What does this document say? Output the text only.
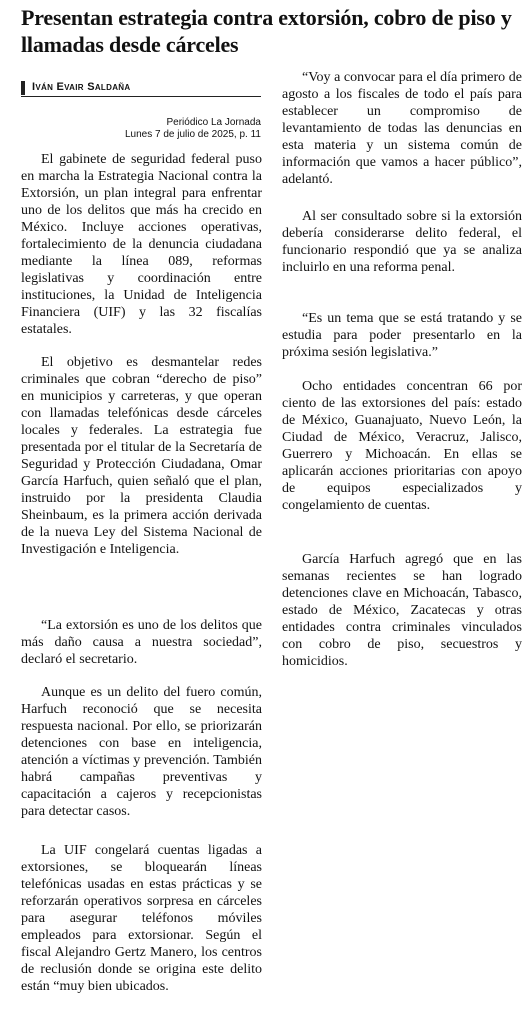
Presentan estrategia contra extorsión, cobro de piso y llamadas desde cárceles
Iván Evair Saldaña
Periódico La Jornada
Lunes 7 de julio de 2025, p. 11

El gabinete de seguridad federal puso en marcha la Estrategia Nacional contra la Extorsión, un plan integral para enfrentar uno de los delitos que más ha crecido en México. Incluye acciones operativas, fortalecimiento de la denuncia ciudadana mediante la línea 089, reformas legislativas y coordinación entre instituciones, la Unidad de Inteligencia Financiera (UIF) y las 32 fiscalías estatales.

El objetivo es desmantelar redes criminales que cobran “derecho de piso” en municipios y carreteras, y que operan con llamadas telefónicas desde cárceles locales y federales. La estrategia fue presentada por el titular de la Secretaría de Seguridad y Protección Ciudadana, Omar García Harfuch, quien señaló que el plan, instruido por la presidenta Claudia Sheinbaum, es la primera acción derivada de la nueva Ley del Sistema Nacional de Investigación e Inteligencia.

“La extorsión es uno de los delitos que más daño causa a nuestra sociedad”, declaró el secretario.

Aunque es un delito del fuero común, Harfuch reconoció que se necesita respuesta nacional. Por ello, se priorizarán detenciones con base en inteligencia, atención a víctimas y prevención. También habrá campañas preventivas y capacitación a cajeros y recepcionistas para detectar casos.

La UIF congelará cuentas ligadas a extorsiones, se bloquearán líneas telefónicas usadas en estas prácticas y se reforzarán operativos sorpresa en cárceles para asegurar teléfonos móviles empleados para extorsionar. Según el fiscal Alejandro Gertz Manero, los centros de reclusión donde se origina este delito están “muy bien ubicados.

“Voy a convocar para el día primero de agosto a los fiscales de todo el país para establecer un compromiso de levantamiento de todas las denuncias en esta materia y un sistema común de información que vamos a hacer público”, adelantó.

Al ser consultado sobre si la extorsión debería considerarse delito federal, el funcionario respondió que ya se analiza incluirlo en una reforma penal.

“Es un tema que se está tratando y se estudia para poder presentarlo en la próxima sesión legislativa.”

Ocho entidades concentran 66 por ciento de las extorsiones del país: estado de México, Guanajuato, Nuevo León, la Ciudad de México, Veracruz, Jalisco, Guerrero y Michoacán. En ellas se aplicarán acciones prioritarias con apoyo de equipos especializados y congelamiento de cuentas.

García Harfuch agregó que en las semanas recientes se han logrado detenciones clave en Michoacán, Tabasco, estado de México, Zacatecas y otras entidades contra criminales vinculados con cobro de piso, secuestros y homicidios.
